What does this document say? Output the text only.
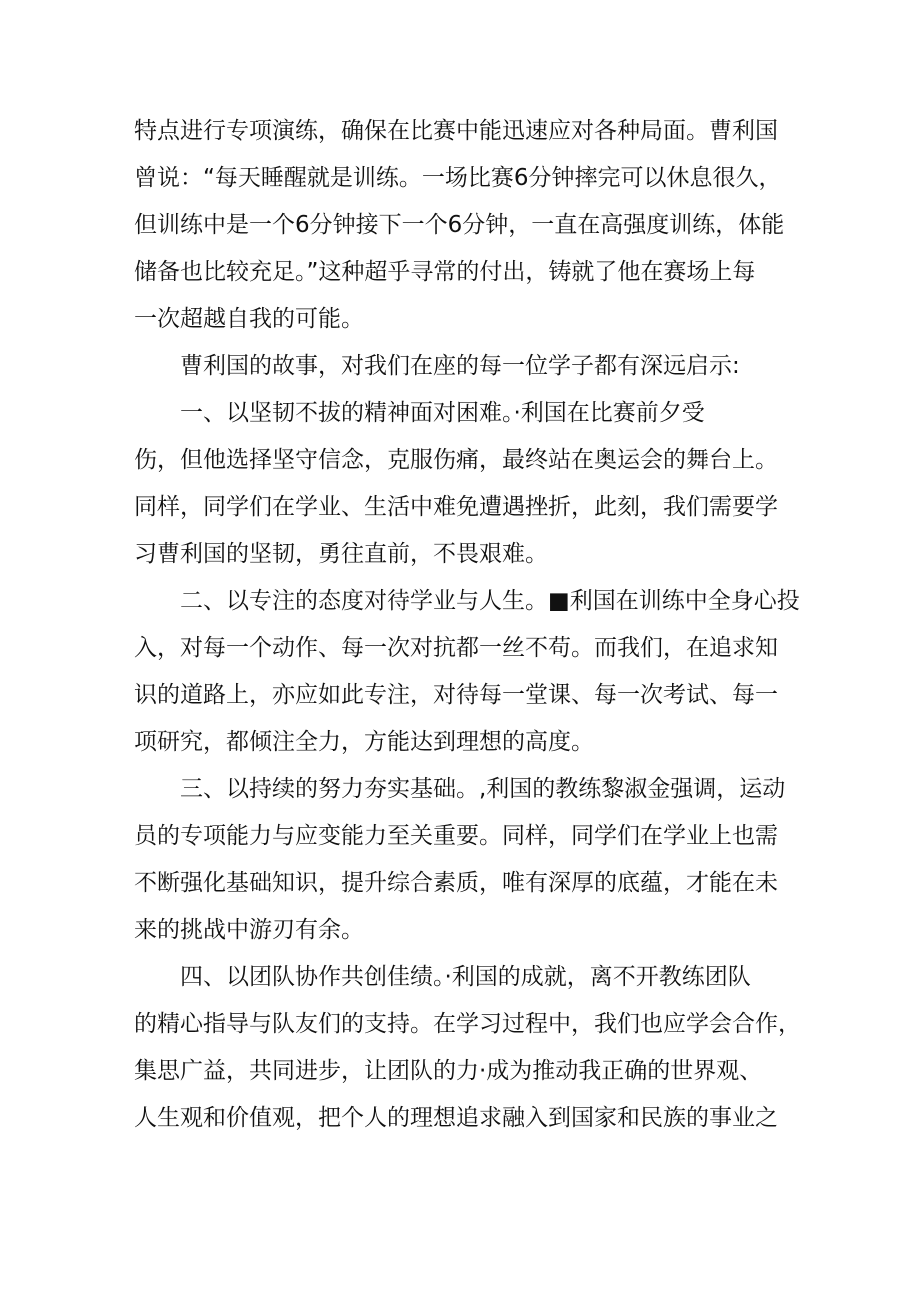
特点进行专项演练，确保在比赛中能迅速应对各种局面。曹利国
曾说：“每天睡醒就是训练。一场比赛6分钟摔完可以休息很久，
但训练中是一个6分钟接下一个6分钟，一直在高强度训练，体能
储备也比较充足。”这种超乎寻常的付出，铸就了他在赛场上每
一次超越自我的可能。
曹利国的故事，对我们在座的每一位学子都有深远启示:
一、以坚韧不拔的精神面对困难。·利国在比赛前夕受
伤，但他选择坚守信念，克服伤痛，最终站在奥运会的舞台上。
同样，同学们在学业、生活中难免遭遇挫折，此刻，我们需要学
习曹利国的坚韧，勇往直前，不畏艰难。
二、以专注的态度对待学业与人生。■利国在训练中全身心投
入，对每一个动作、每一次对抗都一丝不苟。而我们，在追求知
识的道路上，亦应如此专注，对待每一堂课、每一次考试、每一
项研究，都倾注全力，方能达到理想的高度。
三、以持续的努力夯实基础。,利国的教练黎淑金强调，运动
员的专项能力与应变能力至关重要。同样，同学们在学业上也需
不断强化基础知识，提升综合素质，唯有深厚的底蕴，才能在未
来的挑战中游刃有余。
四、以团队协作共创佳绩。·利国的成就，离不开教练团队
的精心指导与队友们的支持。在学习过程中，我们也应学会合作，
集思广益，共同进步，让团队的力·成为推动我正确的世界观、
人生观和价值观，把个人的理想追求融入到国家和民族的事业之
